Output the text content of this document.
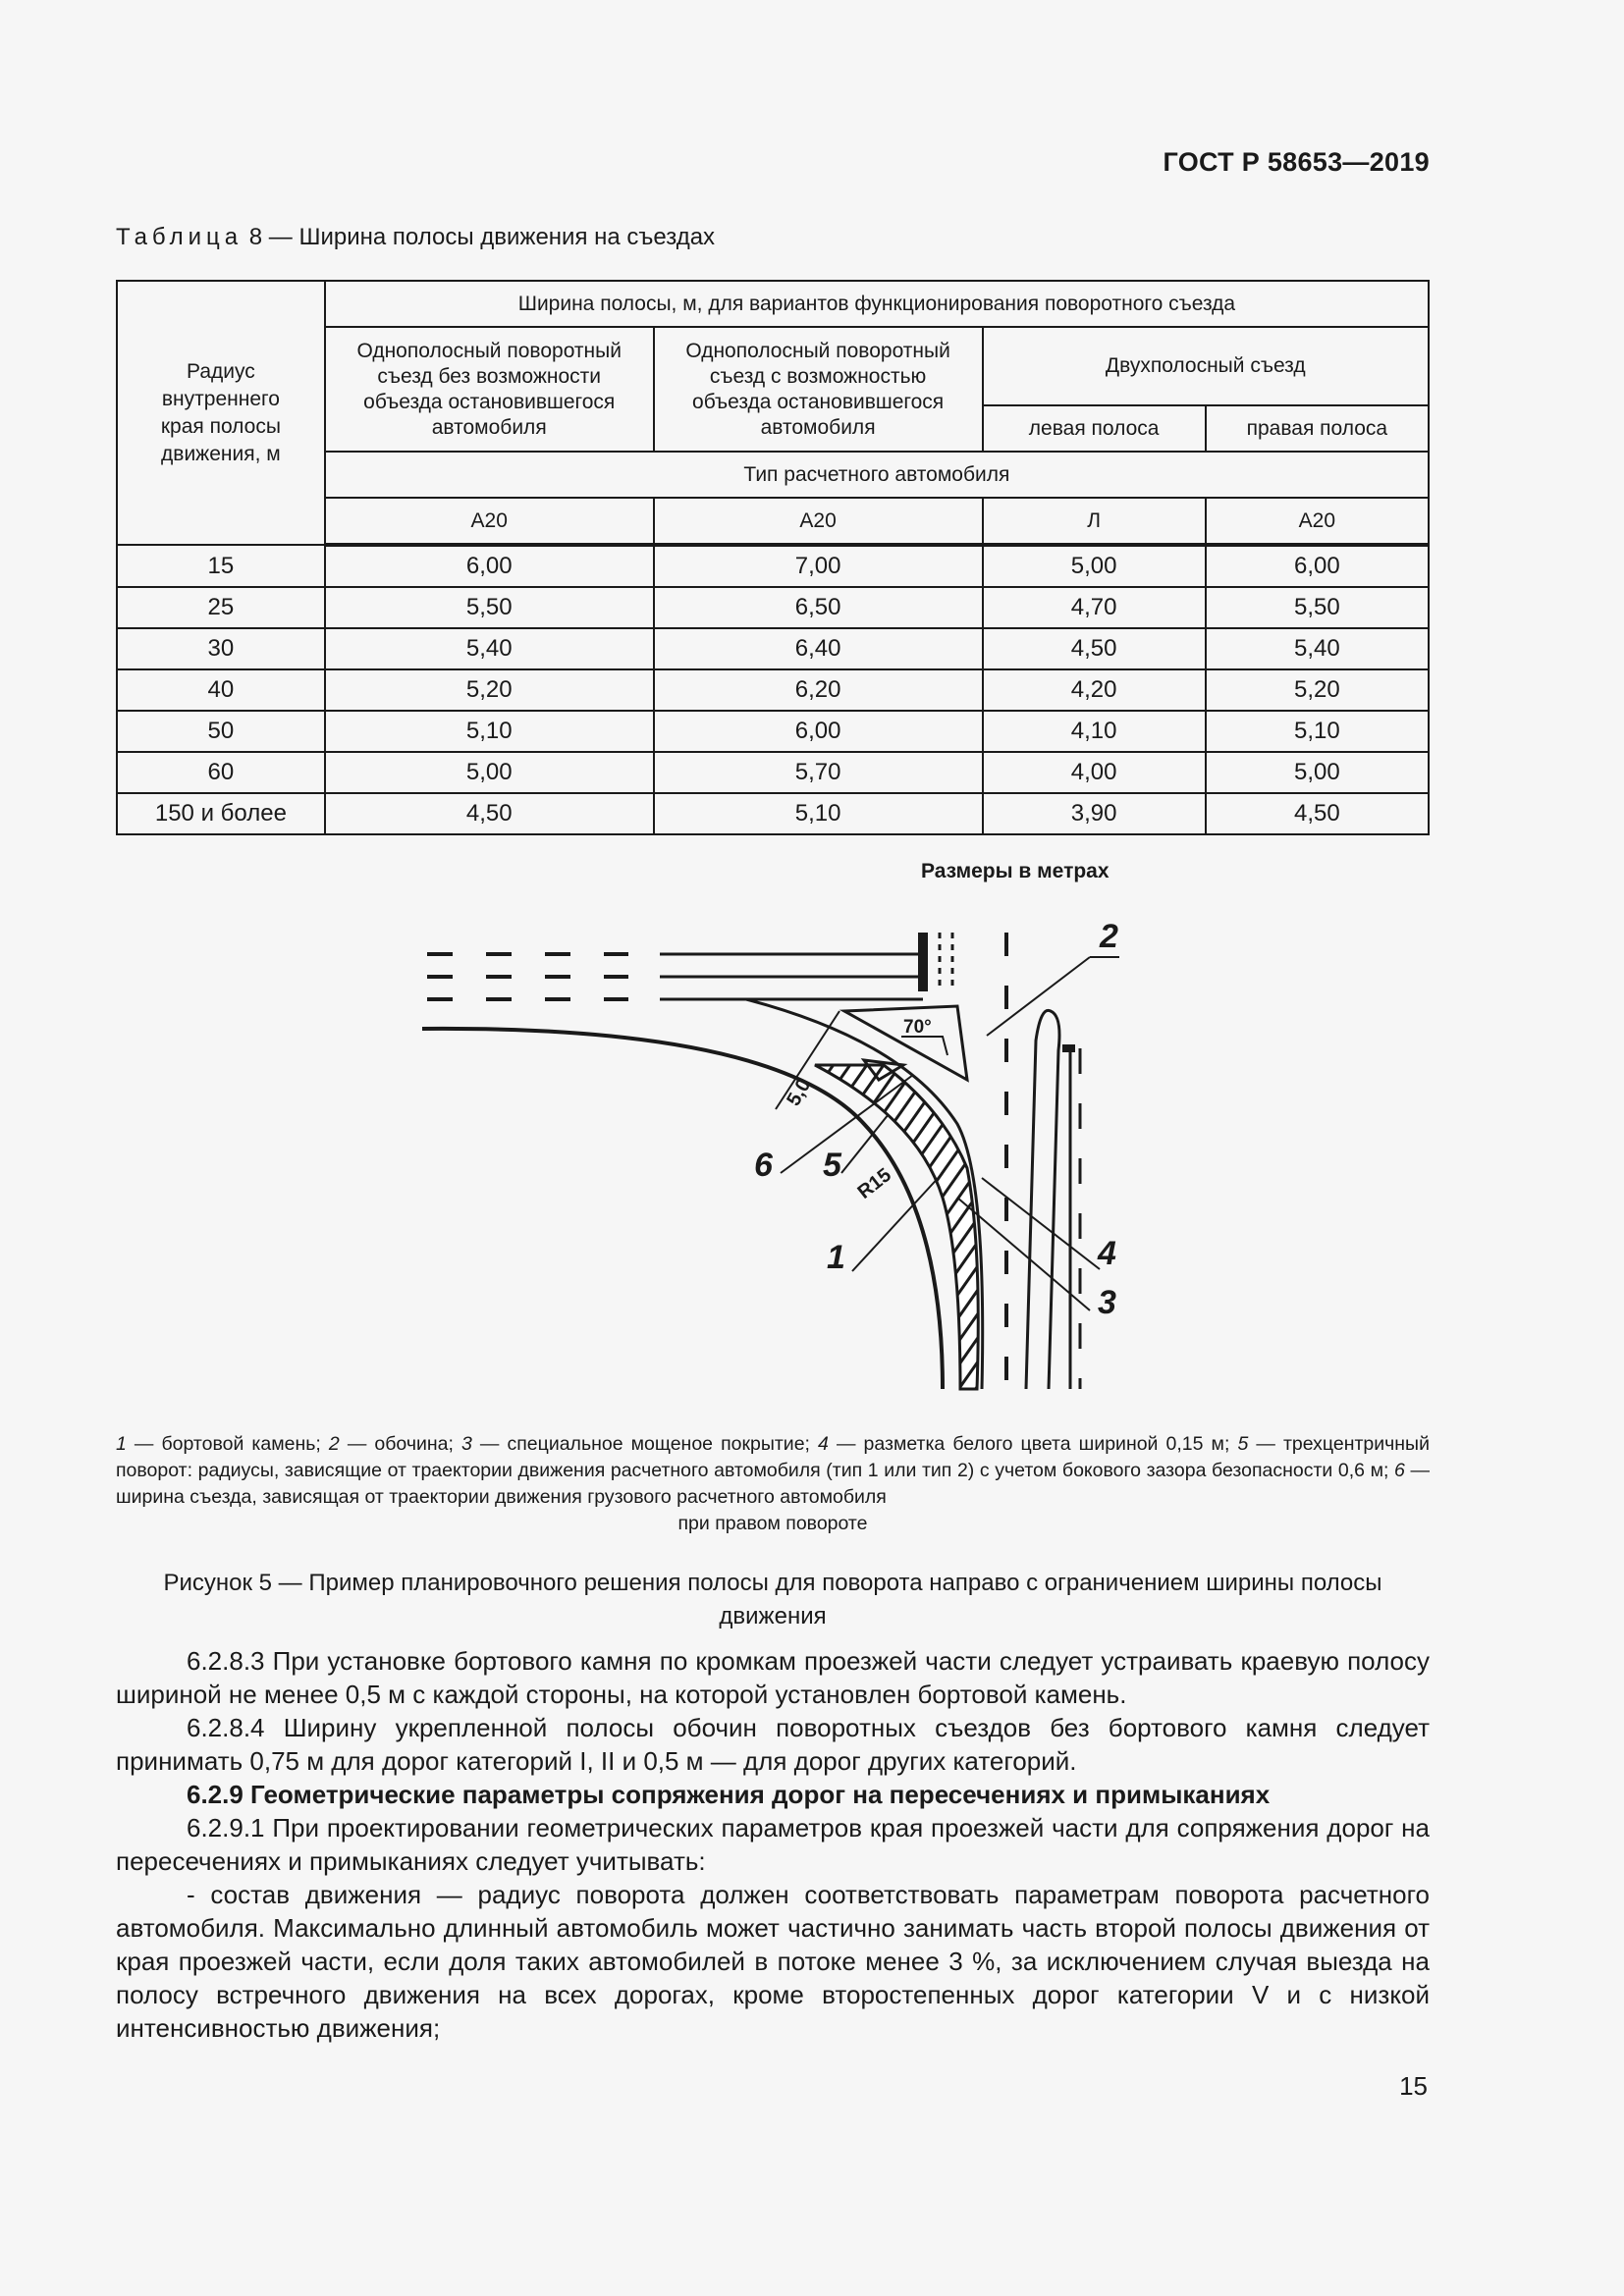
ГОСТ Р 58653—2019
Таблица 8 — Ширина полосы движения на съездах
Радиус внутреннего края полосы движения, м	Ширина полосы, м, для вариантов функционирования поворотного съезда			

	Однополосный поворотный съезд без возможности объезда остановившегося автомобиля	Однополосный поворотный съезд с возможностью объезда остановившегося автомобиля	Двухполосный съезд	
			левая полоса	правая полоса
	Тип расчетного автомобиля			
	А20	А20	Л	А20
15	6,00	7,00	5,00	6,00
25	5,50	6,50	4,70	5,50
30	5,40	6,40	4,50	5,40
40	5,20	6,20	4,20	5,20
50	5,10	6,00	4,10	5,10
60	5,00	5,70	4,00	5,00
150 и более	4,50	5,10	3,90	4,50
Размеры в метрах
2
6 5
1	4
3
70°
5,0
R15
1 — бортовой камень; 2 — обочина; 3 — специальное мощеное покрытие; 4 — разметка белого цвета шириной 0,15 м; 5 — трехцентричный поворот: радиусы, зависящие от траектории движения расчетного автомобиля (тип 1 или тип 2) с учетом бокового зазора безопасности 0,6 м; 6 — ширина съезда, зависящая от траектории движения грузового расчетного автомобиля
при правом повороте
Рисунок 5 — Пример планировочного решения полосы для поворота направо с ограничением ширины полосы движения

6.2.8.3 При установке бортового камня по кромкам проезжей части следует устраивать краевую полосу шириной не менее 0,5 м с каждой стороны, на которой установлен бортовой камень.

6.2.8.4 Ширину укрепленной полосы обочин поворотных съездов без бортового камня следует принимать 0,75 м для дорог категорий I, II и 0,5 м — для дорог других категорий.

6.2.9 Геометрические параметры сопряжения дорог на пересечениях и примыканиях

6.2.9.1 При проектировании геометрических параметров края проезжей части для сопряжения дорог на пересечениях и примыканиях следует учитывать:

- состав движения — радиус поворота должен соответствовать параметрам поворота расчетного автомобиля. Максимально длинный автомобиль может частично занимать часть второй полосы движения от края проезжей части, если доля таких автомобилей в потоке менее 3 %, за исключением случая выезда на полосу встречного движения на всех дорогах, кроме второстепенных дорог категории V и с низкой интенсивностью движения;

15
